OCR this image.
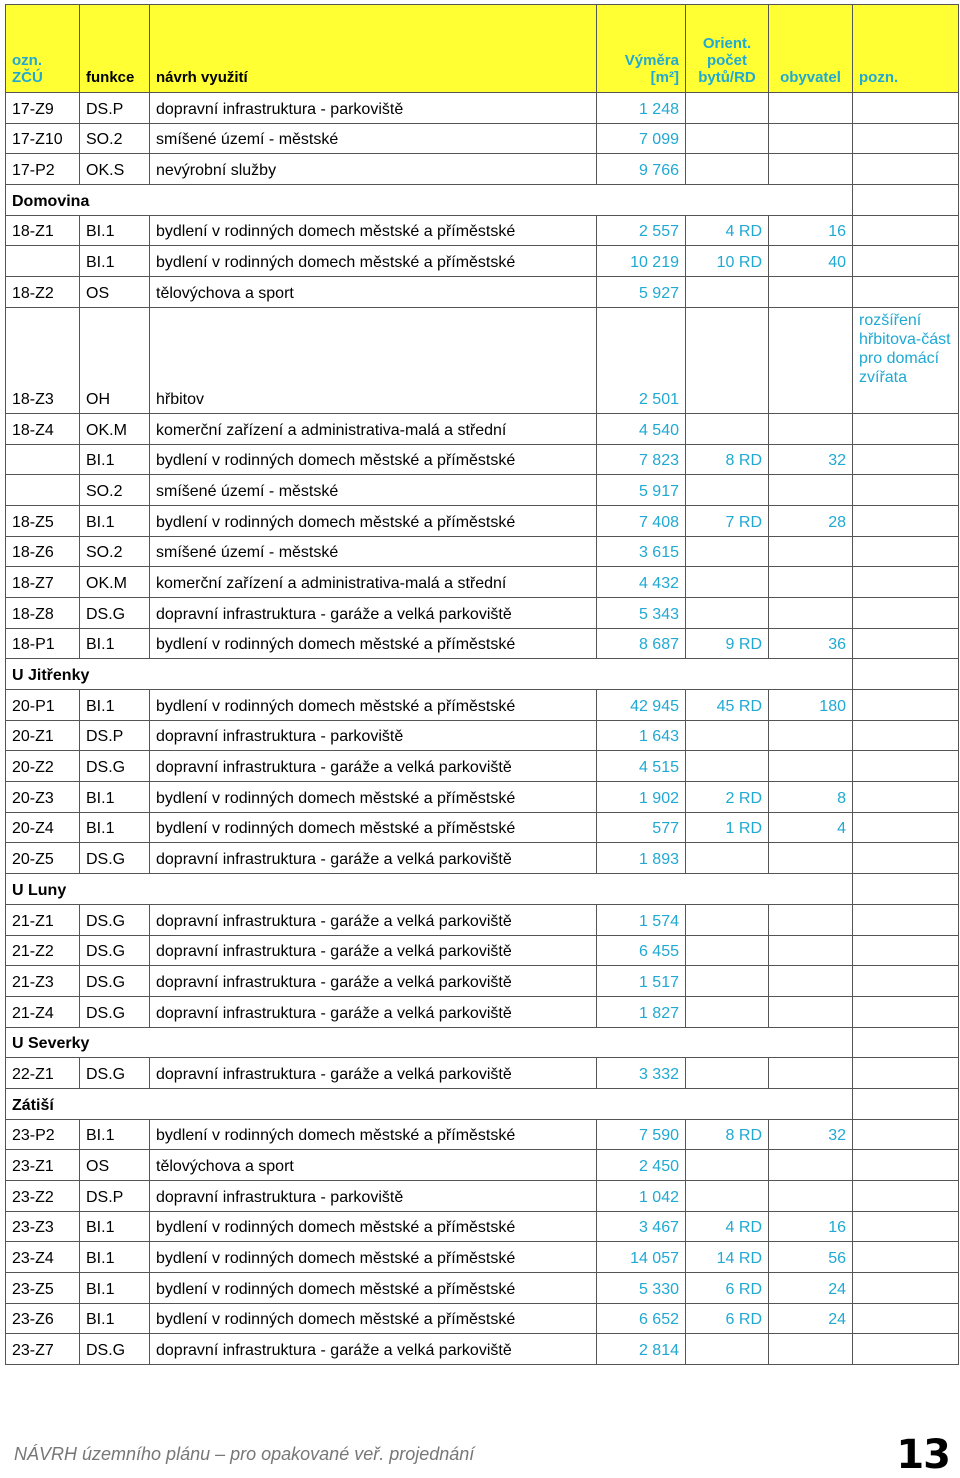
ozn. ZČÚ	funkce	návrh využití	Výměra [m²]	Orient. počet bytů/RD	obyvatel	pozn.
17-Z9	DS.P	dopravní infrastruktura - parkoviště	1 248			
17-Z10	SO.2	smíšené území - městské	7 099			
17-P2	OK.S	nevýrobní služby	9 766			
Domovina						
18-Z1	BI.1	bydlení v rodinných domech městské a příměstské	2 557	4 RD	16	
	BI.1	bydlení v rodinných domech městské a příměstské	10 219	10 RD	40	
18-Z2	OS	tělovýchova a sport	5 927			
18-Z3	OH	hřbitov	2 501			rozšíření hřbitova-část pro domácí zvířata
18-Z4	OK.M	komerční zařízení a administrativa-malá a střední	4 540			
	BI.1	bydlení v rodinných domech městské a příměstské	7 823	8 RD	32	
	SO.2	smíšené území - městské	5 917			
18-Z5	BI.1	bydlení v rodinných domech městské a příměstské	7 408	7 RD	28	
18-Z6	SO.2	smíšené území - městské	3 615			
18-Z7	OK.M	komerční zařízení a administrativa-malá a střední	4 432			
18-Z8	DS.G	dopravní infrastruktura - garáže a velká parkoviště	5 343			
18-P1	BI.1	bydlení v rodinných domech městské a příměstské	8 687	9 RD	36	
U Jitřenky						
20-P1	BI.1	bydlení v rodinných domech městské a příměstské	42 945	45 RD	180	
20-Z1	DS.P	dopravní infrastruktura - parkoviště	1 643			
20-Z2	DS.G	dopravní infrastruktura - garáže a velká parkoviště	4 515			
20-Z3	BI.1	bydlení v rodinných domech městské a příměstské	1 902	2 RD	8	
20-Z4	BI.1	bydlení v rodinných domech městské a příměstské	577	1 RD	4	
20-Z5	DS.G	dopravní infrastruktura - garáže a velká parkoviště	1 893			
U Luny						
21-Z1	DS.G	dopravní infrastruktura - garáže a velká parkoviště	1 574			
21-Z2	DS.G	dopravní infrastruktura - garáže a velká parkoviště	6 455			
21-Z3	DS.G	dopravní infrastruktura - garáže a velká parkoviště	1 517			
21-Z4	DS.G	dopravní infrastruktura - garáže a velká parkoviště	1 827			
U Severky						
22-Z1	DS.G	dopravní infrastruktura - garáže a velká parkoviště	3 332			
Zátiší						
23-P2	BI.1	bydlení v rodinných domech městské a příměstské	7 590	8 RD	32	
23-Z1	OS	tělovýchova a sport	2 450			
23-Z2	DS.P	dopravní infrastruktura - parkoviště	1 042			
23-Z3	BI.1	bydlení v rodinných domech městské a příměstské	3 467	4 RD	16	
23-Z4	BI.1	bydlení v rodinných domech městské a příměstské	14 057	14 RD	56	
23-Z5	BI.1	bydlení v rodinných domech městské a příměstské	5 330	6 RD	24	
23-Z6	BI.1	bydlení v rodinných domech městské a příměstské	6 652	6 RD	24	
23-Z7	DS.G	dopravní infrastruktura - garáže a velká parkoviště	2 814			
NÁVRH územního plánu – pro opakované veř. projednání	13
